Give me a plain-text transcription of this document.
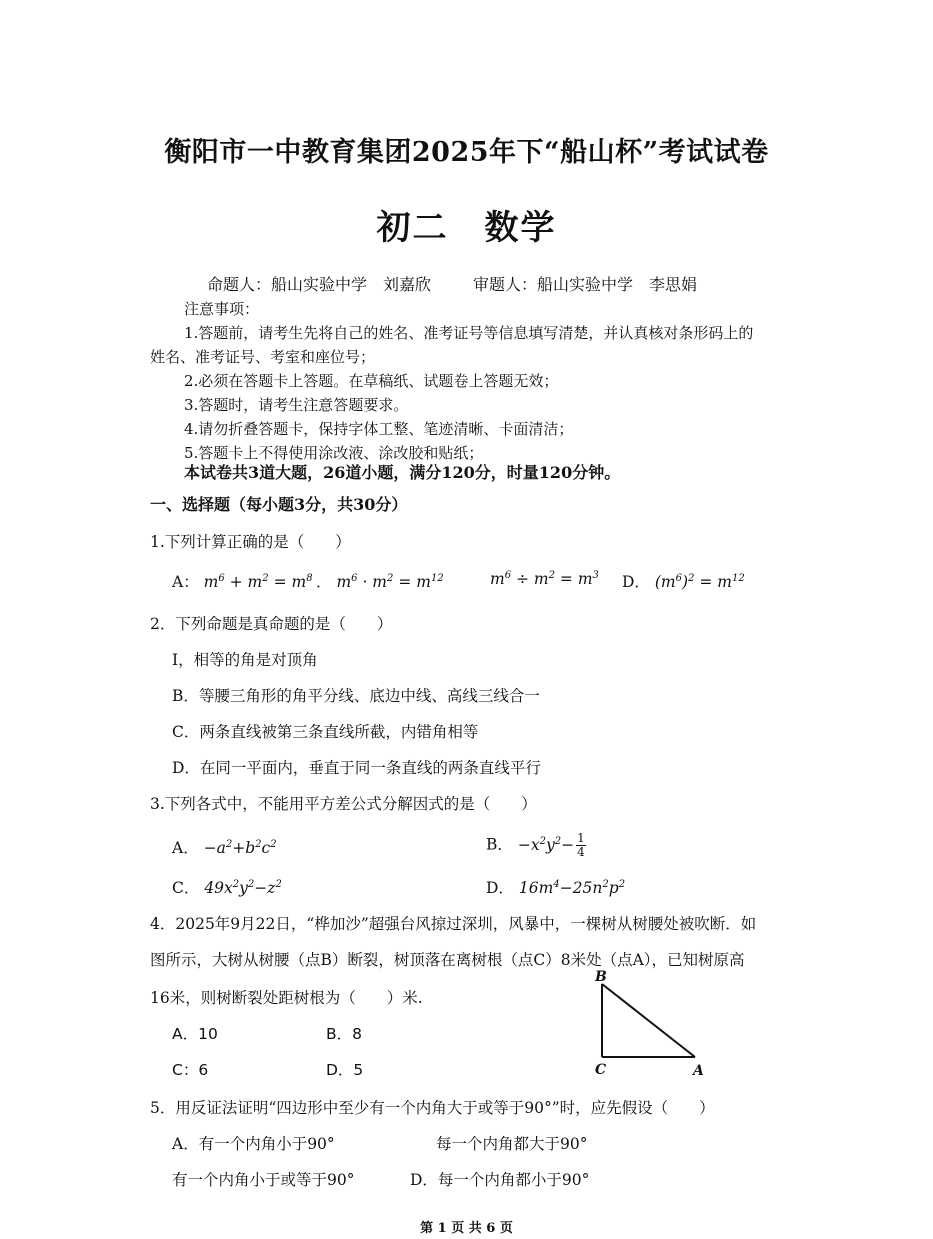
衡阳市一中教育集团2025年下“船山杯”考试试卷
初二　数学
命题人：船山实验中学　刘嘉欣	审题人：船山实验中学　李思娟
注意事项：
1.答题前，请考生先将自己的姓名、准考证号等信息填写清楚，并认真核对条形码上的
姓名、准考证号、考室和座位号；
2.必须在答题卡上答题。在草稿纸、试题卷上答题无效；
3.答题时，请考生注意答题要求。
4.请勿折叠答题卡，保持字体工整、笔迹清晰、卡面清洁；
5.答题卡上不得使用涂改液、涂改胶和贴纸；
本试卷共3道大题，26道小题，满分120分，时量120分钟。
一、选择题（每小题3分，共30分）
1.下列计算正确的是（　　）
A： $m^6 + m^2 = m^8$ ． $m^6 \cdot m^2 = m^{12}$	$m^6 \div m^2 = m^3$ D． $(m^6)^2 = m^{12}$
2．下列命题是真命题的是（　　）
I，相等的角是对顶角
B．等腰三角形的角平分线、底边中线、高线三线合一
C．两条直线被第三条直线所截，内错角相等
D．在同一平面内，垂直于同一条直线的两条直线平行
3.下列各式中，不能用平方差公式分解因式的是（　　）
A． $-a^2+b^2c^2$	B． $-x^2y^2- \frac{1}{4}$
C． $49x^2y^2-z^2$	D． $16m^4-25n^2p^2$
4．2025年9月22日，“桦加沙”超强台风掠过深圳，风暴中，一棵树从树腰处被吹断．如
图所示，大树从树腰（点B）断裂，树顶落在离树根（点C）8米处（点A），已知树原高
16米，则树断裂处距树根为（　　）米.
A．10	B．8
C：6	D．5
B
C	A
5．用反证法证明“四边形中至少有一个内角大于或等于90°”时，应先假设（　　）
A．有一个内角小于90°	每一个内角都大于90°
有一个内角小于或等于90°	D．每一个内角都小于90°
第 1 页 共 6 页
